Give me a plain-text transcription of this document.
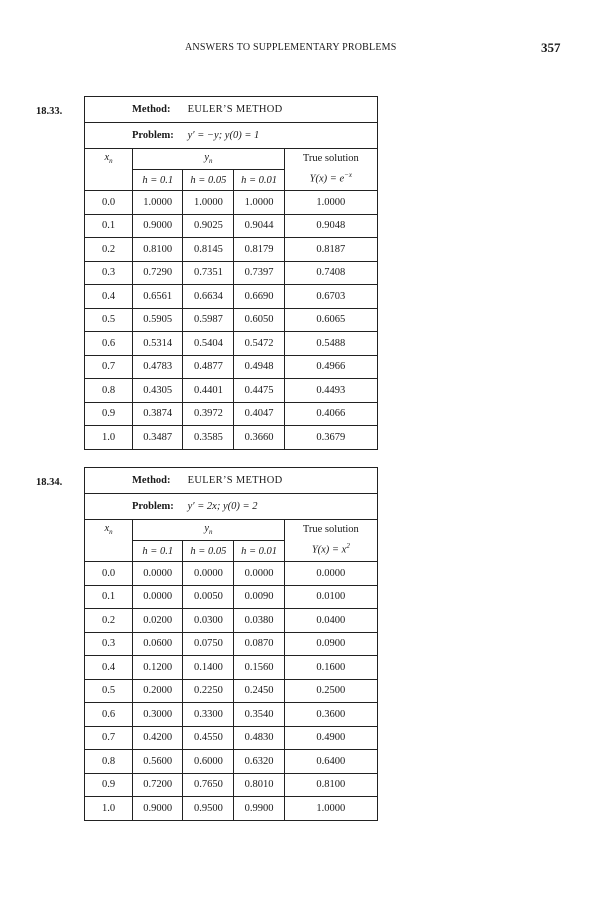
ANSWERS TO SUPPLEMENTARY PROBLEMS	357
18.33.	Method: EULER’S METHOD				
Problem: y′ = −y; y(0) = 1				
$x_n$	$y_n$			True solution
$Y(x) = e^{-x}$

	h = 0.1	h = 0.05	h = 0.01	
0.0	1.0000	1.0000	1.0000	1.0000
0.1	0.9000	0.9025	0.9044	0.9048
0.2	0.8100	0.8145	0.8179	0.8187
0.3	0.7290	0.7351	0.7397	0.7408
0.4	0.6561	0.6634	0.6690	0.6703
0.5	0.5905	0.5987	0.6050	0.6065
0.6	0.5314	0.5404	0.5472	0.5488
0.7	0.4783	0.4877	0.4948	0.4966
0.8	0.4305	0.4401	0.4475	0.4493
0.9	0.3874	0.3972	0.4047	0.4066
1.0	0.3487	0.3585	0.3660	0.3679
18.34.	Method: EULER’S METHOD				
Problem: y′ = 2x; y(0) = 2				
$x_n$	$y_n$			True solution
$Y(x) = x^2$

	h = 0.1	h = 0.05	h = 0.01	
0.0	0.0000	0.0000	0.0000	0.0000
0.1	0.0000	0.0050	0.0090	0.0100
0.2	0.0200	0.0300	0.0380	0.0400
0.3	0.0600	0.0750	0.0870	0.0900
0.4	0.1200	0.1400	0.1560	0.1600
0.5	0.2000	0.2250	0.2450	0.2500
0.6	0.3000	0.3300	0.3540	0.3600
0.7	0.4200	0.4550	0.4830	0.4900
0.8	0.5600	0.6000	0.6320	0.6400
0.9	0.7200	0.7650	0.8010	0.8100
1.0	0.9000	0.9500	0.9900	1.0000
